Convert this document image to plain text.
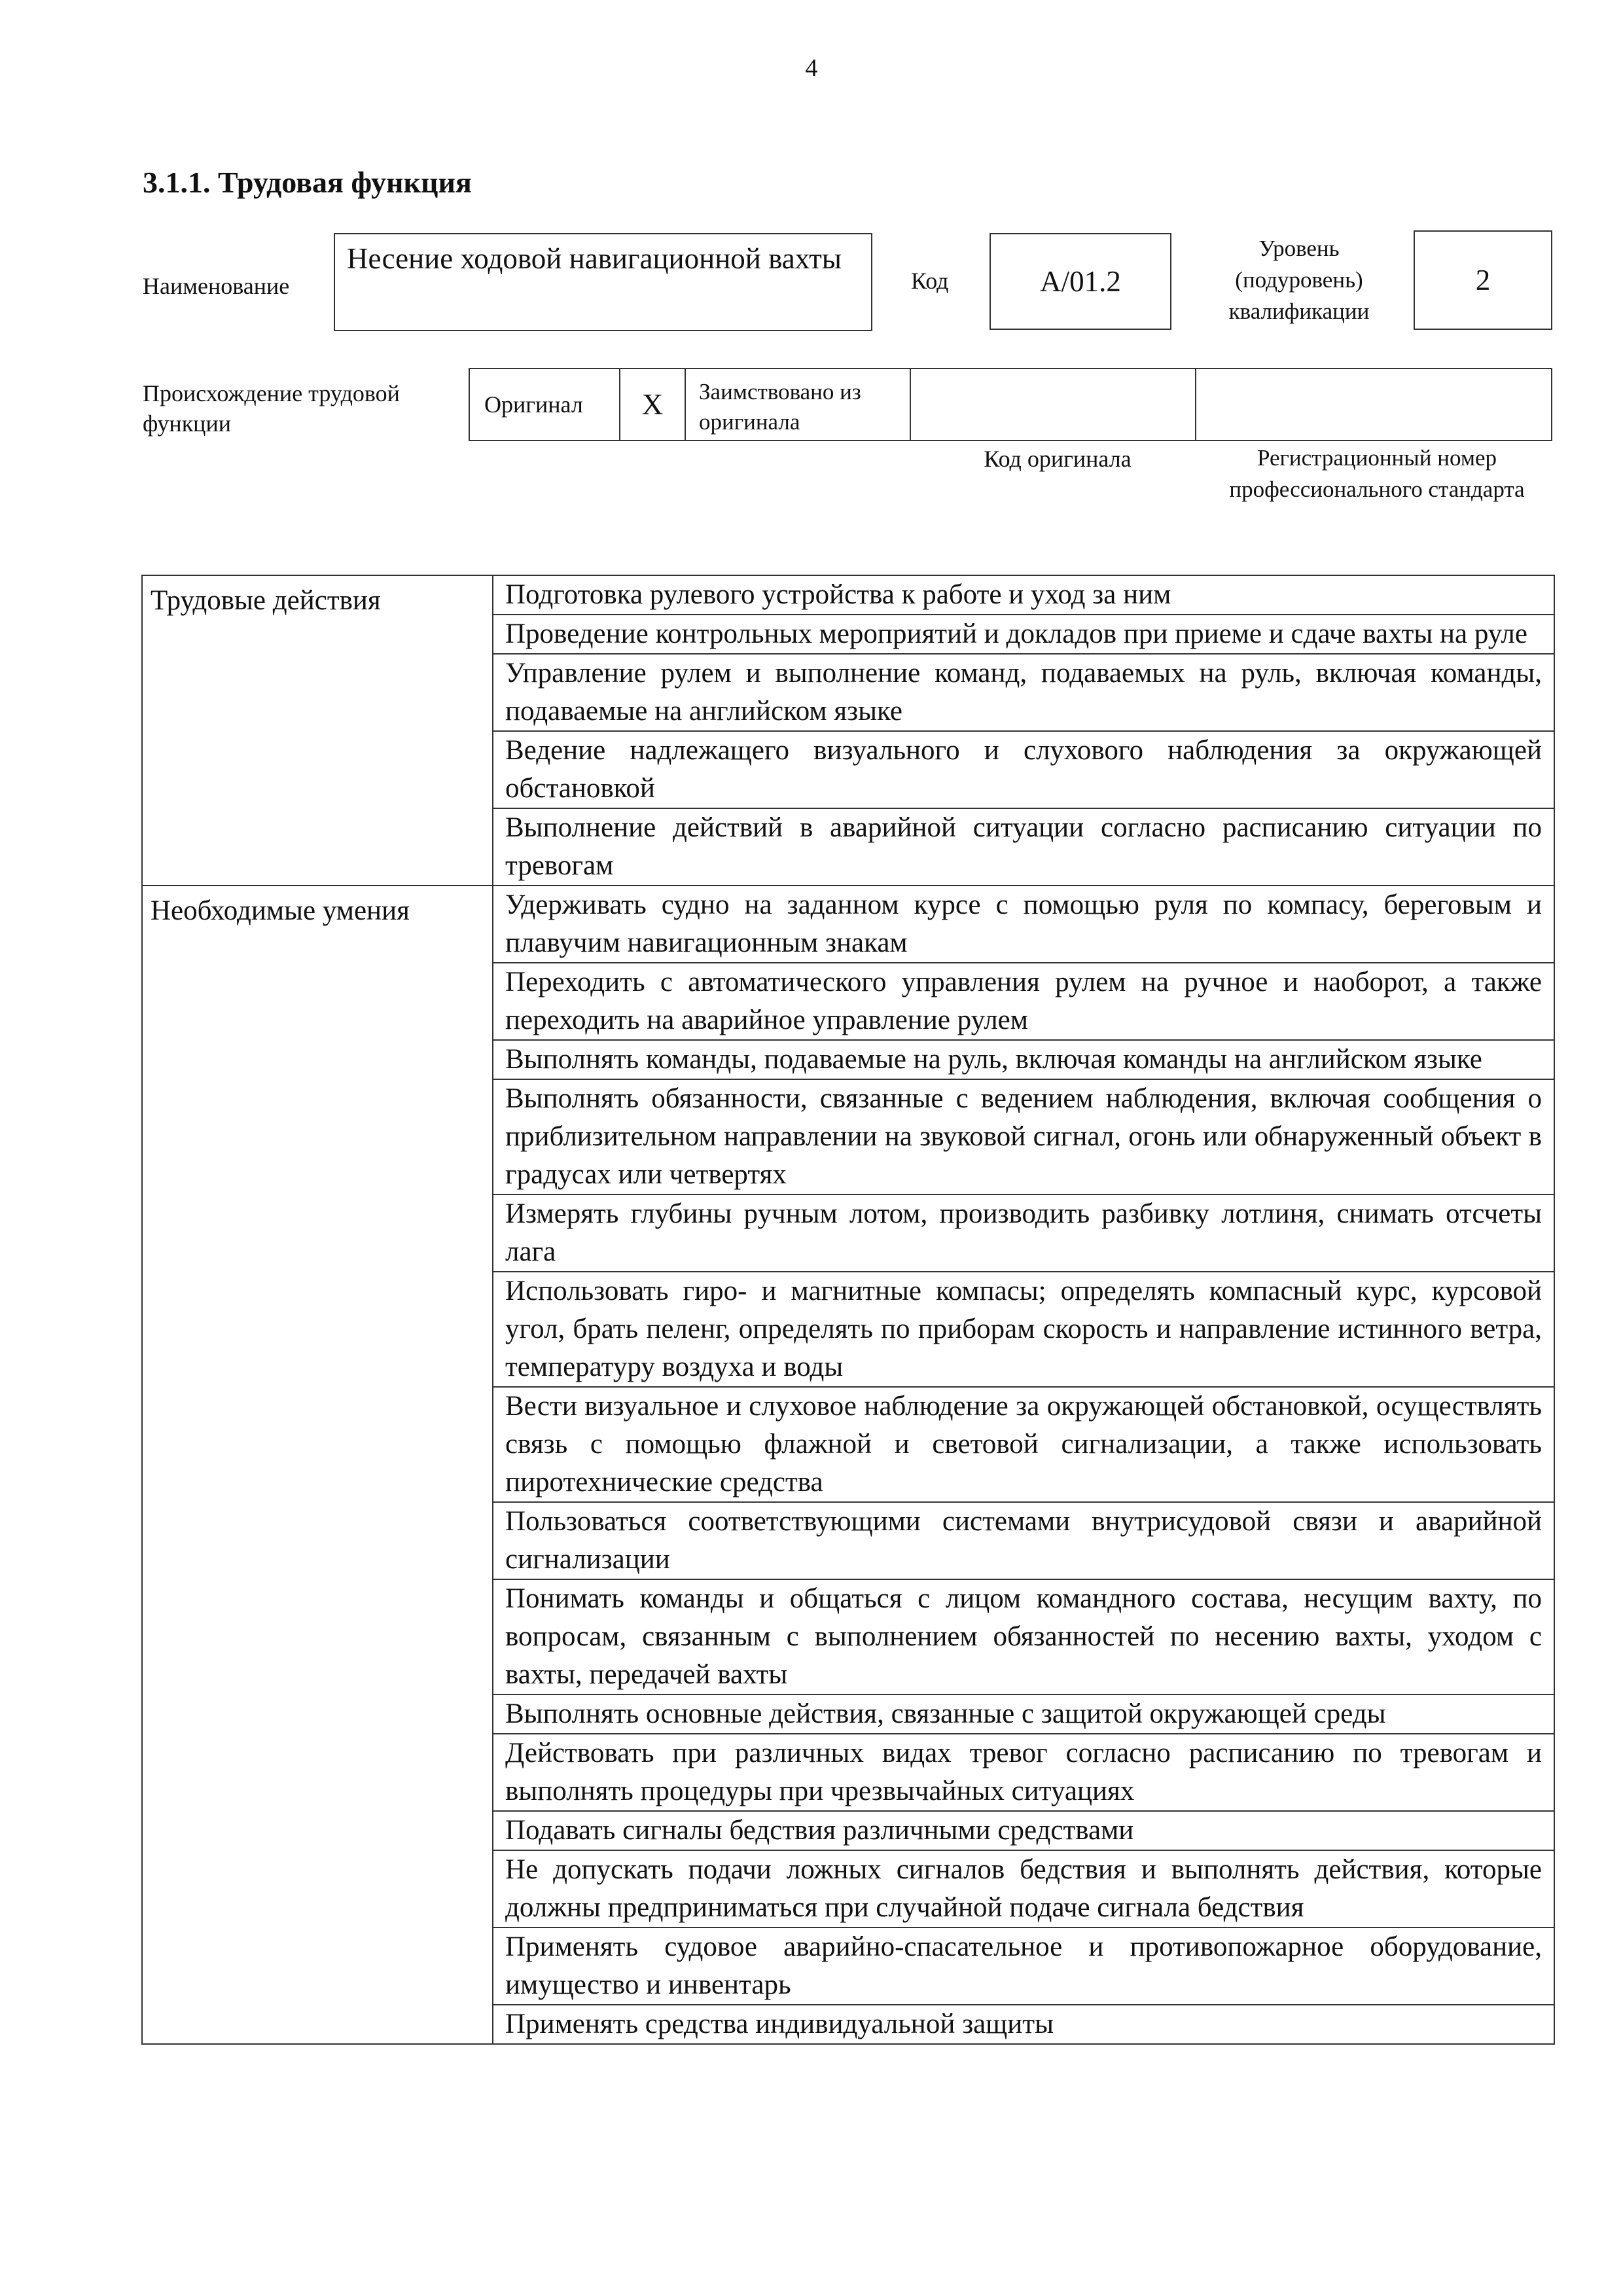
4
3.1.1. Трудовая функция
Наименование
Несение ходовой навигационной вахты
Код	A/01.2
Уровень (подуровень) квалификации
2
Происхождение трудовой функции
Оригинал	X	Заимствовано из оригинала
Код оригинала	Регистрационный номер профессионального стандарта
Трудовые действия	Подготовка рулевого устройства к работе и уход за ним
	Проведение контрольных мероприятий и докладов при приеме и сдаче вахты на руле
	Управление рулем и выполнение команд, подаваемых на руль, включая команды, подаваемые на английском языке
	Ведение надлежащего визуального и слухового наблюдения за окружающей обстановкой
	Выполнение действий в аварийной ситуации согласно расписанию ситуации по тревогам
Необходимые умения	Удерживать судно на заданном курсе с помощью руля по компасу, береговым и плавучим навигационным знакам
	Переходить с автоматического управления рулем на ручное и наоборот, а также переходить на аварийное управление рулем
	Выполнять команды, подаваемые на руль, включая команды на английском языке
	Выполнять обязанности, связанные с ведением наблюдения, включая сообщения о приблизительном направлении на звуковой сигнал, огонь или обнаруженный объект в градусах или четвертях
	Измерять глубины ручным лотом, производить разбивку лотлиня, снимать отсчеты лага
	Использовать гиро- и магнитные компасы; определять компасный курс, курсовой угол, брать пеленг, определять по приборам скорость и направление истинного ветра, температуру воздуха и воды
	Вести визуальное и слуховое наблюдение за окружающей обстановкой, осуществлять связь с помощью флажной и световой сигнализации, а также использовать пиротехнические средства
	Пользоваться соответствующими системами внутрисудовой связи и аварийной сигнализации
	Понимать команды и общаться с лицом командного состава, несущим вахту, по вопросам, связанным с выполнением обязанностей по несению вахты, уходом с вахты, передачей вахты
	Выполнять основные действия, связанные с защитой окружающей среды
	Действовать при различных видах тревог согласно расписанию по тревогам и выполнять процедуры при чрезвычайных ситуациях
	Подавать сигналы бедствия различными средствами
	Не допускать подачи ложных сигналов бедствия и выполнять действия, которые должны предприниматься при случайной подаче сигнала бедствия
	Применять судовое аварийно-спасательное и противопожарное оборудование, имущество и инвентарь
	Применять средства индивидуальной защиты
